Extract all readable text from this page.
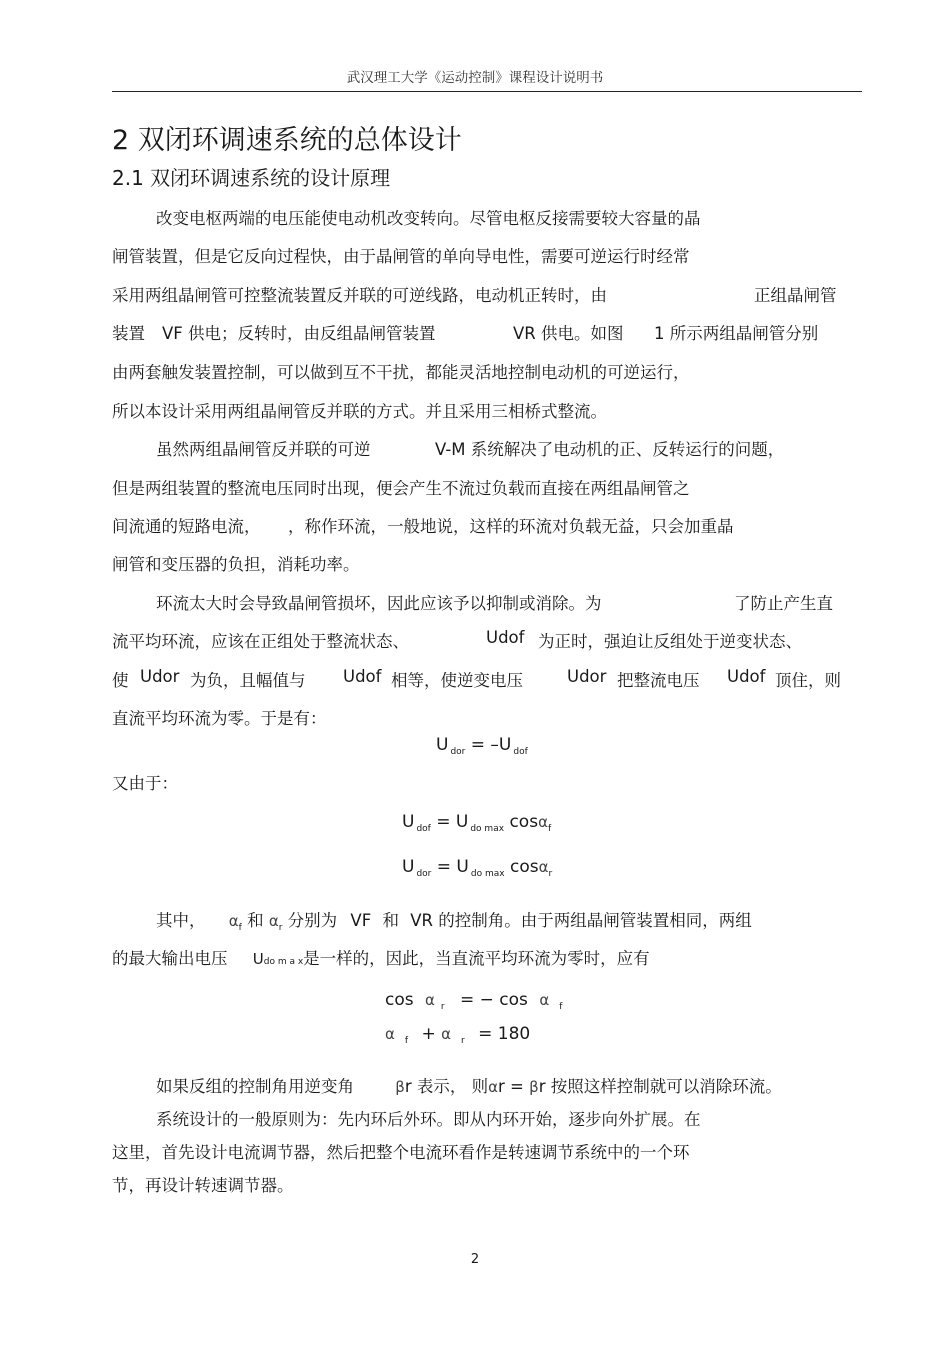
武汉理工大学《运动控制》课程设计说明书
2 双闭环调速系统的总体设计
2.1 双闭环调速系统的设计原理
改变电枢两端的电压能使电动机改变转向。尽管电枢反接需要较大容量的晶
闸管装置，但是它反向过程快，由于晶闸管的单向导电性，需要可逆运行时经常
采用两组晶闸管可控整流装置反并联的可逆线路，电动机正转时，由	正组晶闸管
装置 VF 供电；反转时，由反组晶闸管装置	VR 供电。如图 1 所示两组晶闸管分别
由两套触发装置控制，可以做到互不干扰，都能灵活地控制电动机的可逆运行，
所以本设计采用两组晶闸管反并联的方式。并且采用三相桥式整流。
虽然两组晶闸管反并联的可逆	V-M 系统解决了电动机的正、反转运行的问题，
但是两组装置的整流电压同时出现，便会产生不流过负载而直接在两组晶闸管之
间流通的短路电流， ，称作环流，一般地说，这样的环流对负载无益，只会加重晶
闸管和变压器的负担，消耗功率。
环流太大时会导致晶闸管损坏，因此应该予以抑制或消除。为	了防止产生直
流平均环流，应该在正组处于整流状态、	Udof 为正时，强迫让反组处于逆变状态、
使 Udor 为负，且幅值与 Udof 相等，使逆变电压	Udor 把整流电压 Udof 顶住，则
直流平均环流为零。于是有：
U $_{dor}$ = –U $_{dof}$
又由于：
U $_{dof}$ = U $_{do max}$ cosα$_f$
U $_{dor}$ = U $_{do max}$ cosα$_r$
其中， $\alpha_f$ 和 $\alpha_r$ 分别为 VF 和 VR 的控制角。由于两组晶闸管装置相同，两组
的最大输出电压 Udo m a x是一样的，因此，当直流平均环流为零时，应有
cos α $_r$ = − cos α $_f$
α $_f$ + α $_r$ = 180
如果反组的控制角用逆变角	βr 表示， 则αr = βr 按照这样控制就可以消除环流。
系统设计的一般原则为：先内环后外环。即从内环开始，逐步向外扩展。在
这里，首先设计电流调节器，然后把整个电流环看作是转速调节系统中的一个环
节，再设计转速调节器。
2
